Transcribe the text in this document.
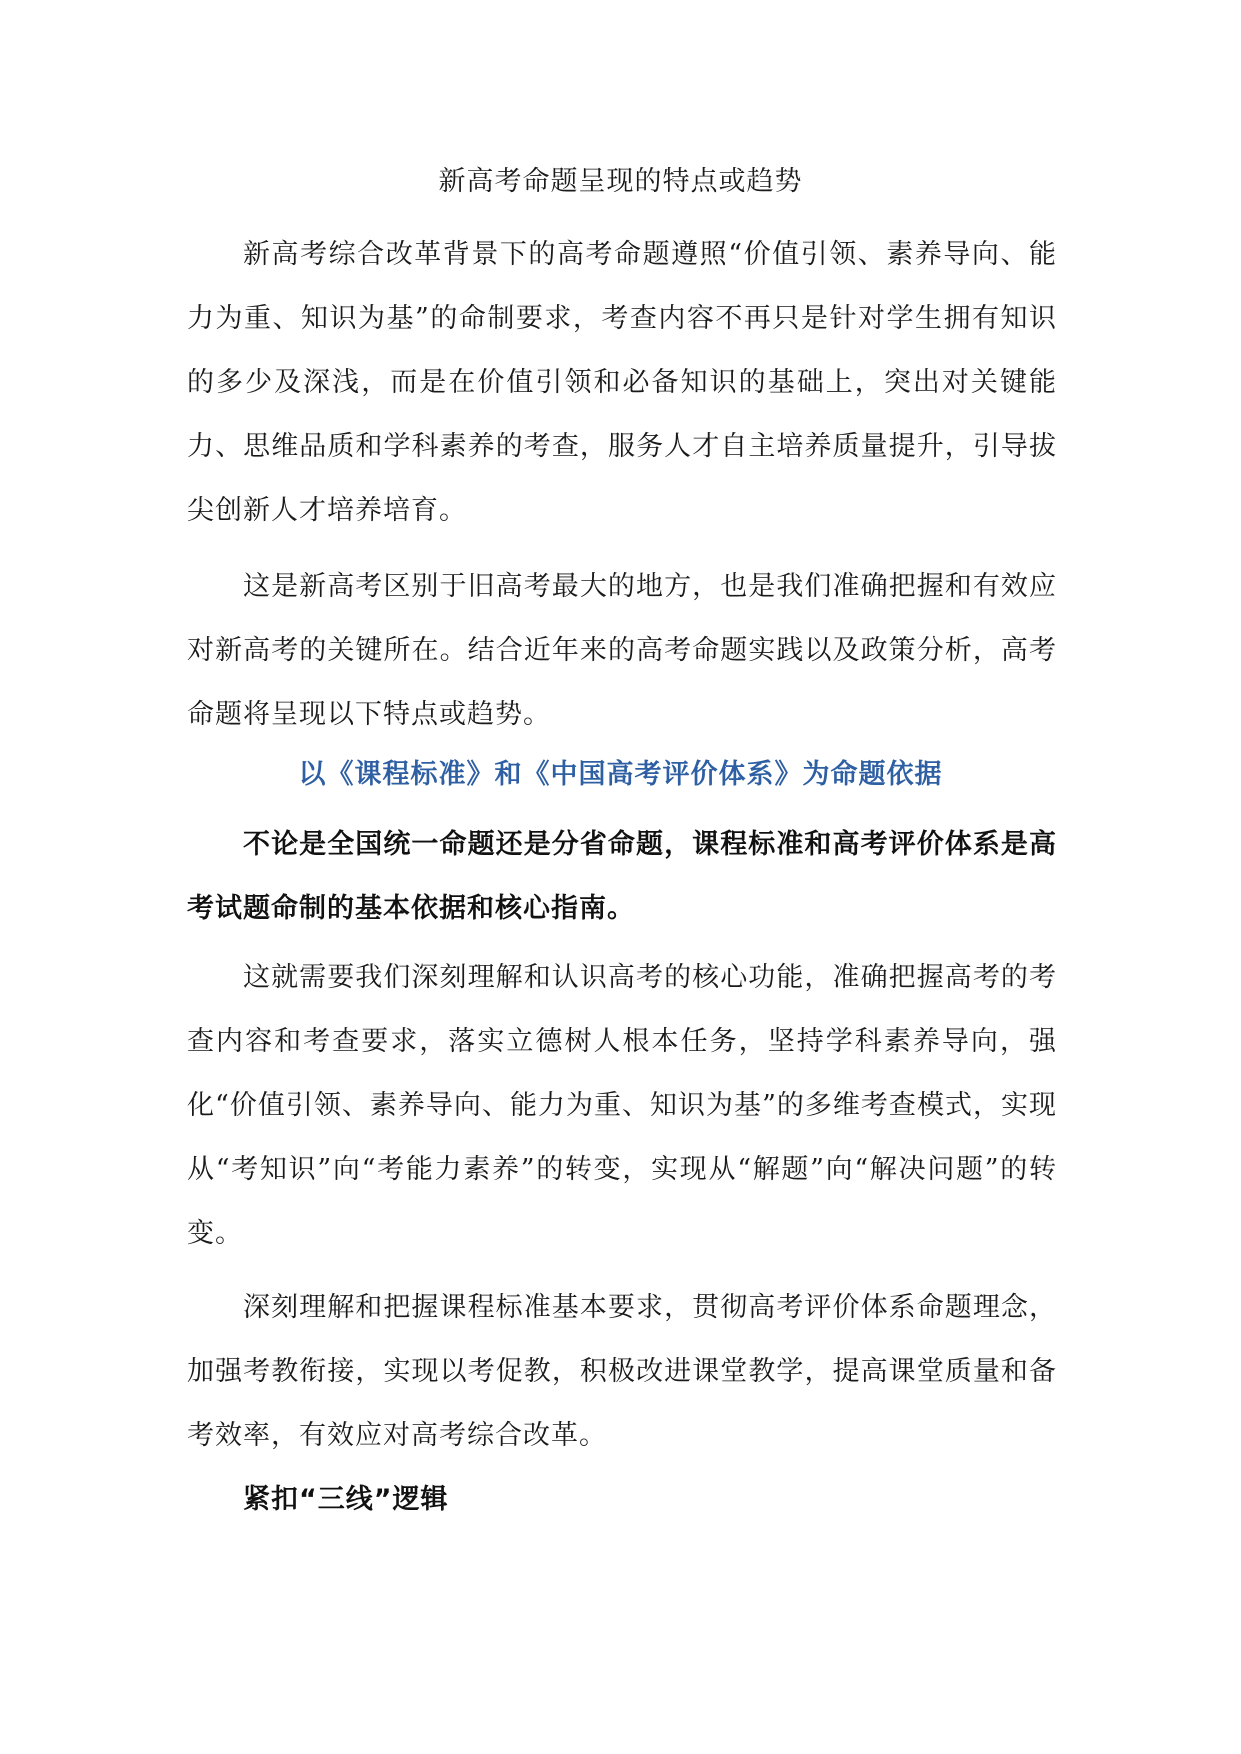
新高考命题呈现的特点或趋势

新高考综合改革背景下的高考命题遵照“价值引领、素养导向、能力为重、知识为基”的命制要求，考查内容不再只是针对学生拥有知识的多少及深浅，而是在价值引领和必备知识的基础上，突出对关键能力、思维品质和学科素养的考查，服务人才自主培养质量提升，引导拔尖创新人才培养培育。

这是新高考区别于旧高考最大的地方，也是我们准确把握和有效应对新高考的关键所在。结合近年来的高考命题实践以及政策分析，高考命题将呈现以下特点或趋势。

以《课程标准》和《中国高考评价体系》为命题依据

不论是全国统一命题还是分省命题，课程标准和高考评价体系是高考试题命制的基本依据和核心指南。

这就需要我们深刻理解和认识高考的核心功能，准确把握高考的考查内容和考查要求，落实立德树人根本任务，坚持学科素养导向，强化“价值引领、素养导向、能力为重、知识为基”的多维考查模式，实现从“考知识”向“考能力素养”的转变，实现从“解题”向“解决问题”的转变。

深刻理解和把握课程标准基本要求，贯彻高考评价体系命题理念，加强考教衔接，实现以考促教，积极改进课堂教学，提高课堂质量和备考效率，有效应对高考综合改革。

紧扣“三线”逻辑
